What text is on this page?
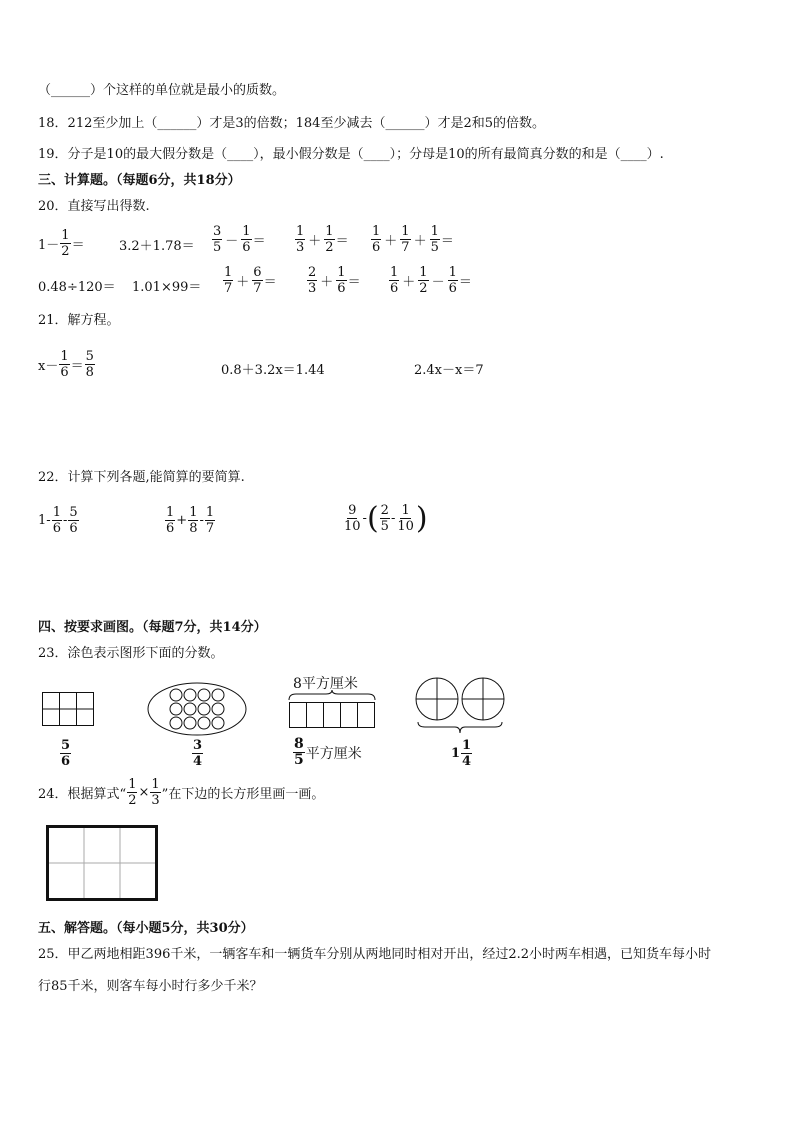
（______）个这样的单位就是最小的质数。
18．212至少加上（______）才是3的倍数；184至少减去（______）才是2和5的倍数。
19．分子是10的最大假分数是（____），最小假分数是（____）；分母是10的所有最简真分数的和是（____）.
三、计算题。（每题6分，共18分）
20．直接写出得数.
$1- \frac{1}{2}$ ＝	$3.2+1.78= \frac{3}{5} - \frac{1}{6} = \frac{1}{3} + \frac{1}{2} = \frac{1}{6} + \frac{1}{7} + \frac{1}{5}$ ＝
$0.48\div 120= 1.01\times 99= \frac{1}{7} + \frac{6}{7} = \frac{2}{3} + \frac{1}{6} = \frac{1}{6} + \frac{1}{2} - \frac{1}{6}$ ＝
21．解方程。
$x- \frac{1}{6} = \frac{5}{8}$	0.8＋3.2x＝1.44	2.4x－x＝7
22．计算下列各题,能简算的要简算.
$1 - \frac{1}{6} - \frac{5}{6}$	$\frac{1}{6} + \frac{1}{8} - \frac{1}{7}$	$\frac{9}{10}$ - ( $\frac{2}{5} - \frac{1}{10}$ )
四、按要求画图。（每题7分，共14分）
23．涂色表示图形下面的分数。
$\frac{5}{6}$	$\frac{3}{4}$
8平方厘米
$\frac{8}{5}$ 平方厘米	$1 \frac{1}{4}$
24．根据算式“ $\frac{1}{2} \times \frac{1}{3}$ ”在下边的长方形里画一画。
五、解答题。（每小题5分，共30分）
25．甲乙两地相距396千米，一辆客车和一辆货车分别从两地同时相对开出，经过2.2小时两车相遇，已知货车每小时
行85千米，则客车每小时行多少千米？
